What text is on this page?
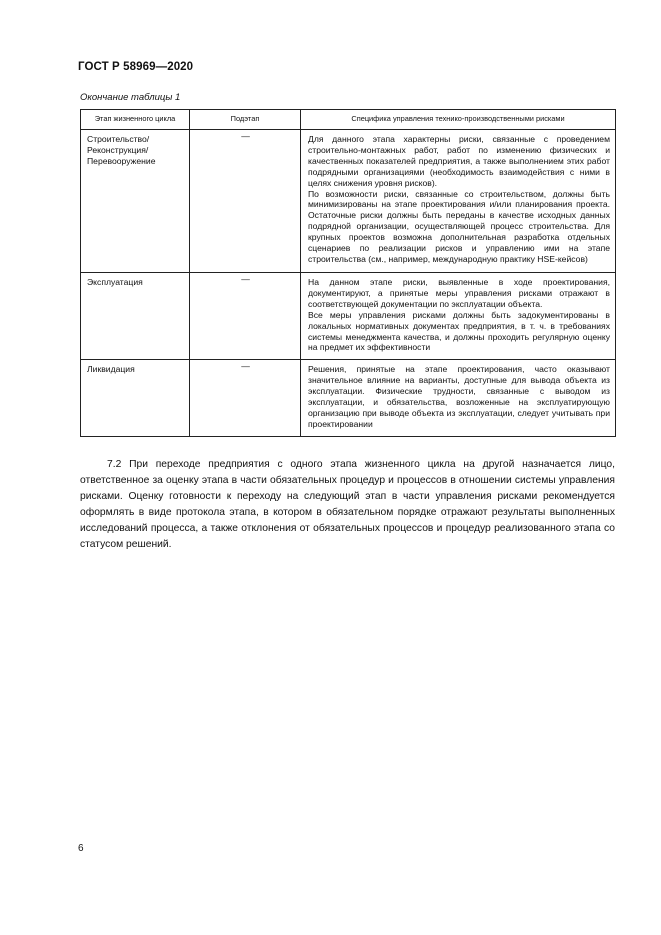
ГОСТ Р 58969—2020
Окончание таблицы 1
Этап жизненного цикла	Подэтап	Специфика управления технико-производственными рисками
Строительство/ Реконструкция/ Перевооружение	—	Для данного этапа характерны риски, связанные с проведением строительно-монтажных работ, работ по изменению физических и качественных показателей предприятия, а также выполнением этих работ подрядными организациями (необходимость взаимодействия с ними в целях снижения уровня рисков).

По возможности риски, связанные со строительством, должны быть минимизированы на этапе проектирования и/или планирования проекта. Остаточные риски должны быть переданы в качестве исходных данных подрядной организации, осуществляющей процесс строительства. Для крупных проектов возможна дополнительная разработка отдельных сценариев по реализации рисков и управлению ими на этапе строительства (см., например, международную практику HSE-кейсов)

Эксплуатация	—	На данном этапе риски, выявленные в ходе проектирования, документируют, а принятые меры управления рисками отражают в соответствующей документации по эксплуатации объекта.

Все меры управления рисками должны быть задокументированы в локальных нормативных документах предприятия, в т. ч. в требованиях системы менеджмента качества, и должны проходить регулярную оценку на предмет их эффективности

Ликвидация	—	Решения, принятые на этапе проектирования, часто оказывают значительное влияние на варианты, доступные для вывода объекта из эксплуатации. Физические трудности, связанные с выводом из эксплуатации, и обязательства, возложенные на эксплуатирующую организацию при выводе объекта из эксплуатации, следует учитывать при проектировании

7.2 При переходе предприятия с одного этапа жизненного цикла на другой назначается лицо, ответственное за оценку этапа в части обязательных процедур и процессов в отношении системы управления рисками. Оценку готовности к переходу на следующий этап в части управления рисками рекомендуется оформлять в виде протокола этапа, в котором в обязательном порядке отражают результаты выполненных исследований процесса, а также отклонения от обязательных процессов и процедур реализованного этапа со статусом решений.

6
